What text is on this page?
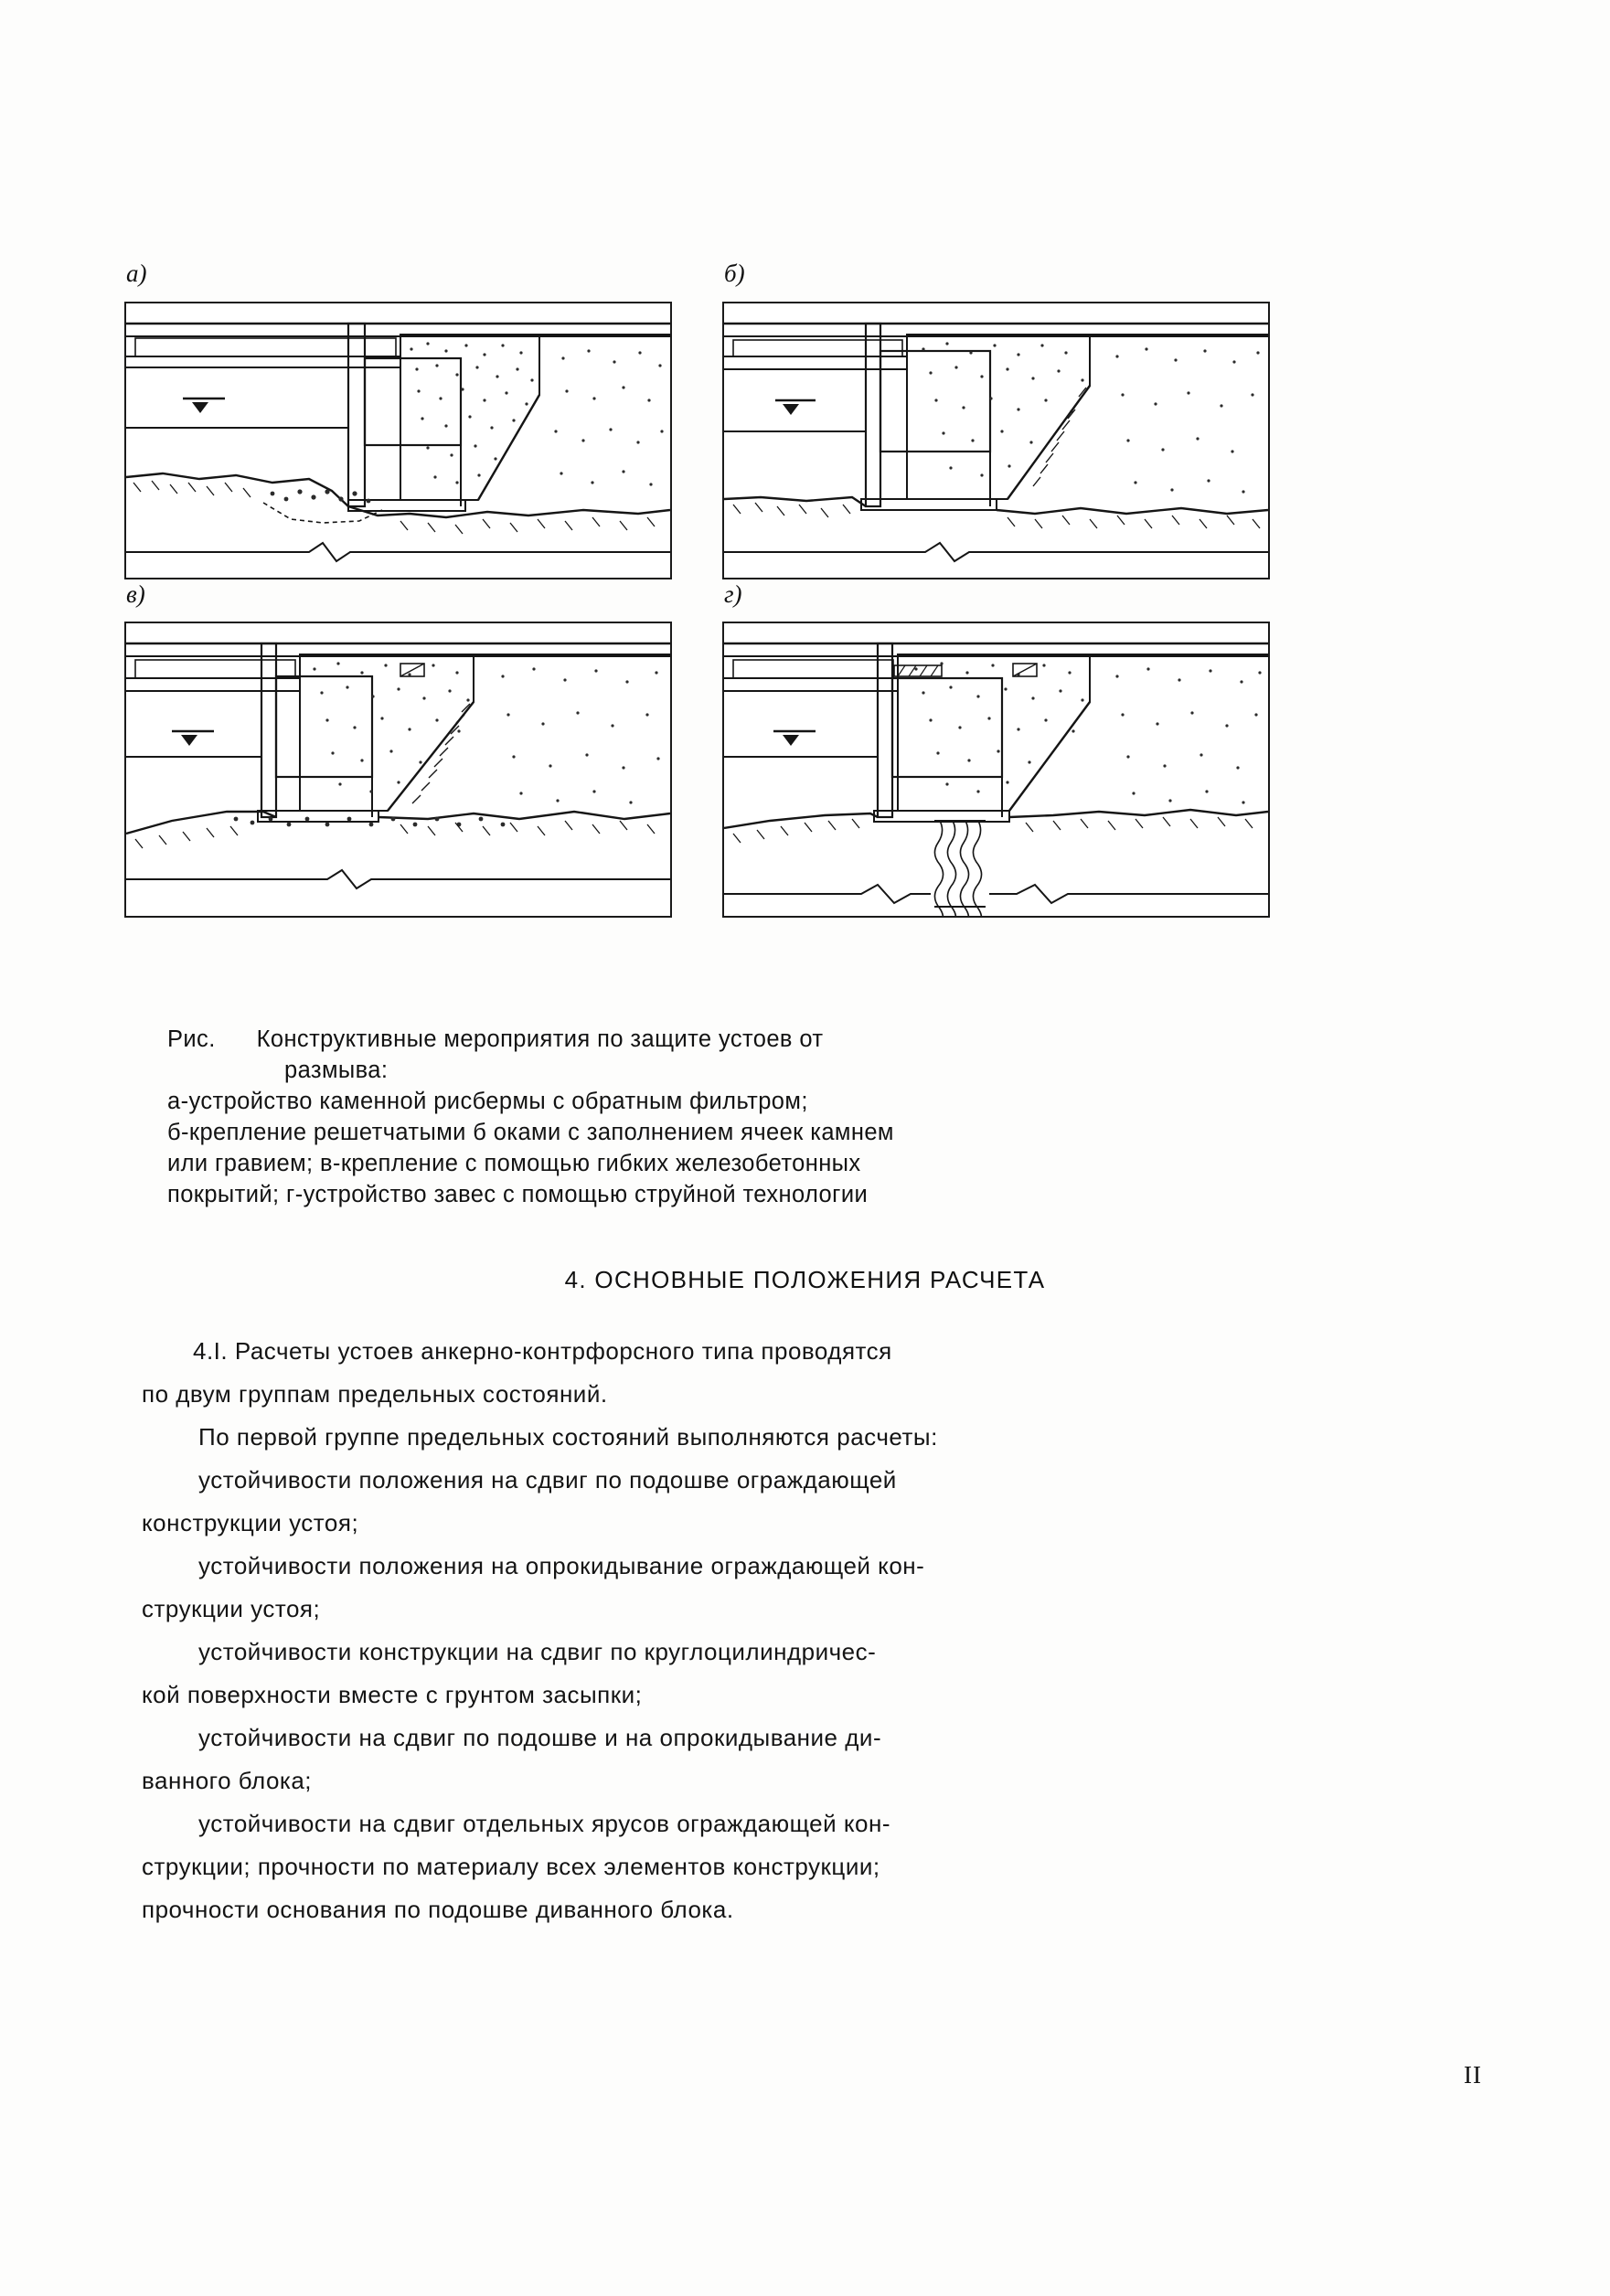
а)	б)
в)	г)
Рис. Конструктивные мероприятия по защите устоев от
размыва:
а-устройство каменной рисбермы с обратным фильтром;
б-крепление решетчатыми б оками с заполнением ячеек камнем
или гравием; в-крепление с помощью гибких железобетонных
покрытий; г-устройство завес с помощью струйной технологии
4. ОСНОВНЫЕ ПОЛОЖЕНИЯ РАСЧЕТА

4.I. Расчеты устоев анкерно-контрфорсного типа проводятся

по двум группам предельных состояний.

По первой группе предельных состояний выполняются расчеты:

устойчивости положения на сдвиг по подошве ограждающей

конструкции устоя;

устойчивости положения на опрокидывание ограждающей кон-

струкции устоя;

устойчивости конструкции на сдвиг по круглоцилиндричес-

кой поверхности вместе с грунтом засыпки;

устойчивости на сдвиг по подошве и на опрокидывание ди-

ванного блока;

устойчивости на сдвиг отдельных ярусов ограждающей кон-

струкции; прочности по материалу всех элементов конструкции;

прочности основания по подошве диванного блока.

II
